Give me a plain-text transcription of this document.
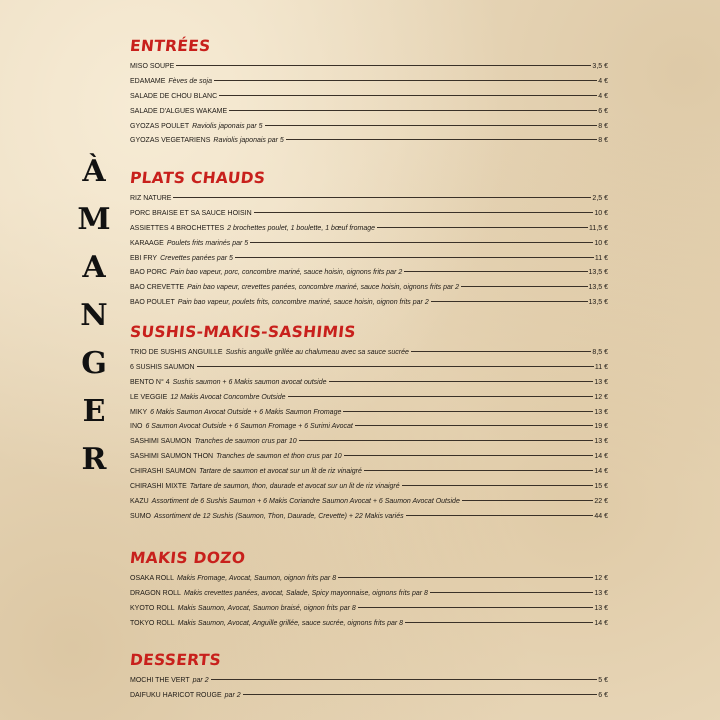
À
M
A
N
G
E
R
ENTRÉES
MISO SOUPE	3,5 €
EDAMAME Fèves de soja	4 €
SALADE DE CHOU BLANC	4 €
SALADE D'ALGUES WAKAME	6 €
GYOZAS POULET Raviolis japonais par 5	8 €
GYOZAS VEGETARIENS Raviolis japonais par 5	8 €
PLATS CHAUDS
RIZ NATURE	2,5 €
PORC BRAISE ET SA SAUCE HOISIN	10 €
ASSIETTES 4 BROCHETTES 2 brochettes poulet, 1 boulette, 1 bœuf fromage	11,5 €
KARAAGE Poulets frits marinés par 5	10 €
EBI FRY Crevettes panées par 5	11 €
BAO PORC Pain bao vapeur, porc, concombre mariné, sauce hoisin, oignons frits par 2	13,5 €
BAO CREVETTE Pain bao vapeur, crevettes panées, concombre mariné, sauce hoisin, oignons frits par 2	13,5 €
BAO POULET Pain bao vapeur, poulets frits, concombre mariné, sauce hoisin, oignon frits par 2	13,5 €
SUSHIS-MAKIS-SASHIMIS
TRIO DE SUSHIS ANGUILLE Sushis anguille grillée au chalumeau avec sa sauce sucrée	8,5 €
6 SUSHIS SAUMON	11 €
BENTO N° 4 Sushis saumon + 6 Makis saumon avocat outside	13 €
LE VEGGIE 12 Makis Avocat Concombre Outside	12 €
MIKY 6 Makis Saumon Avocat Outside + 6 Makis Saumon Fromage	13 €
INO 6 Saumon Avocat Outside + 6 Saumon Fromage + 6 Surimi Avocat	19 €
SASHIMI SAUMON Tranches de saumon crus par 10	13 €
SASHIMI SAUMON THON Tranches de saumon et thon crus par 10	14 €
CHIRASHI SAUMON Tartare de saumon et avocat sur un lit de riz vinaigré	14 €
CHIRASHI MIXTE Tartare de saumon, thon, daurade et avocat sur un lit de riz vinaigré	15 €
KAZU Assortiment de 6 Sushis Saumon + 6 Makis Coriandre Saumon Avocat + 6 Saumon Avocat Outside	22 €
SUMO Assortiment de 12 Sushis (Saumon, Thon, Daurade, Crevette) + 22 Makis variés	44 €
MAKIS DOZO
OSAKA ROLL Makis Fromage, Avocat, Saumon, oignon frits par 8	12 €
DRAGON ROLL Makis crevettes panées, avocat, Salade, Spicy mayonnaise, oignons frits par 8	13 €
KYOTO ROLL Makis Saumon, Avocat, Saumon braisé, oignon frits par 8	13 €
TOKYO ROLL Makis Saumon, Avocat, Anguille grillée, sauce sucrée, oignons frits par 8	14 €
DESSERTS
MOCHI THE VERT par 2	5 €
DAIFUKU HARICOT ROUGE par 2	6 €
